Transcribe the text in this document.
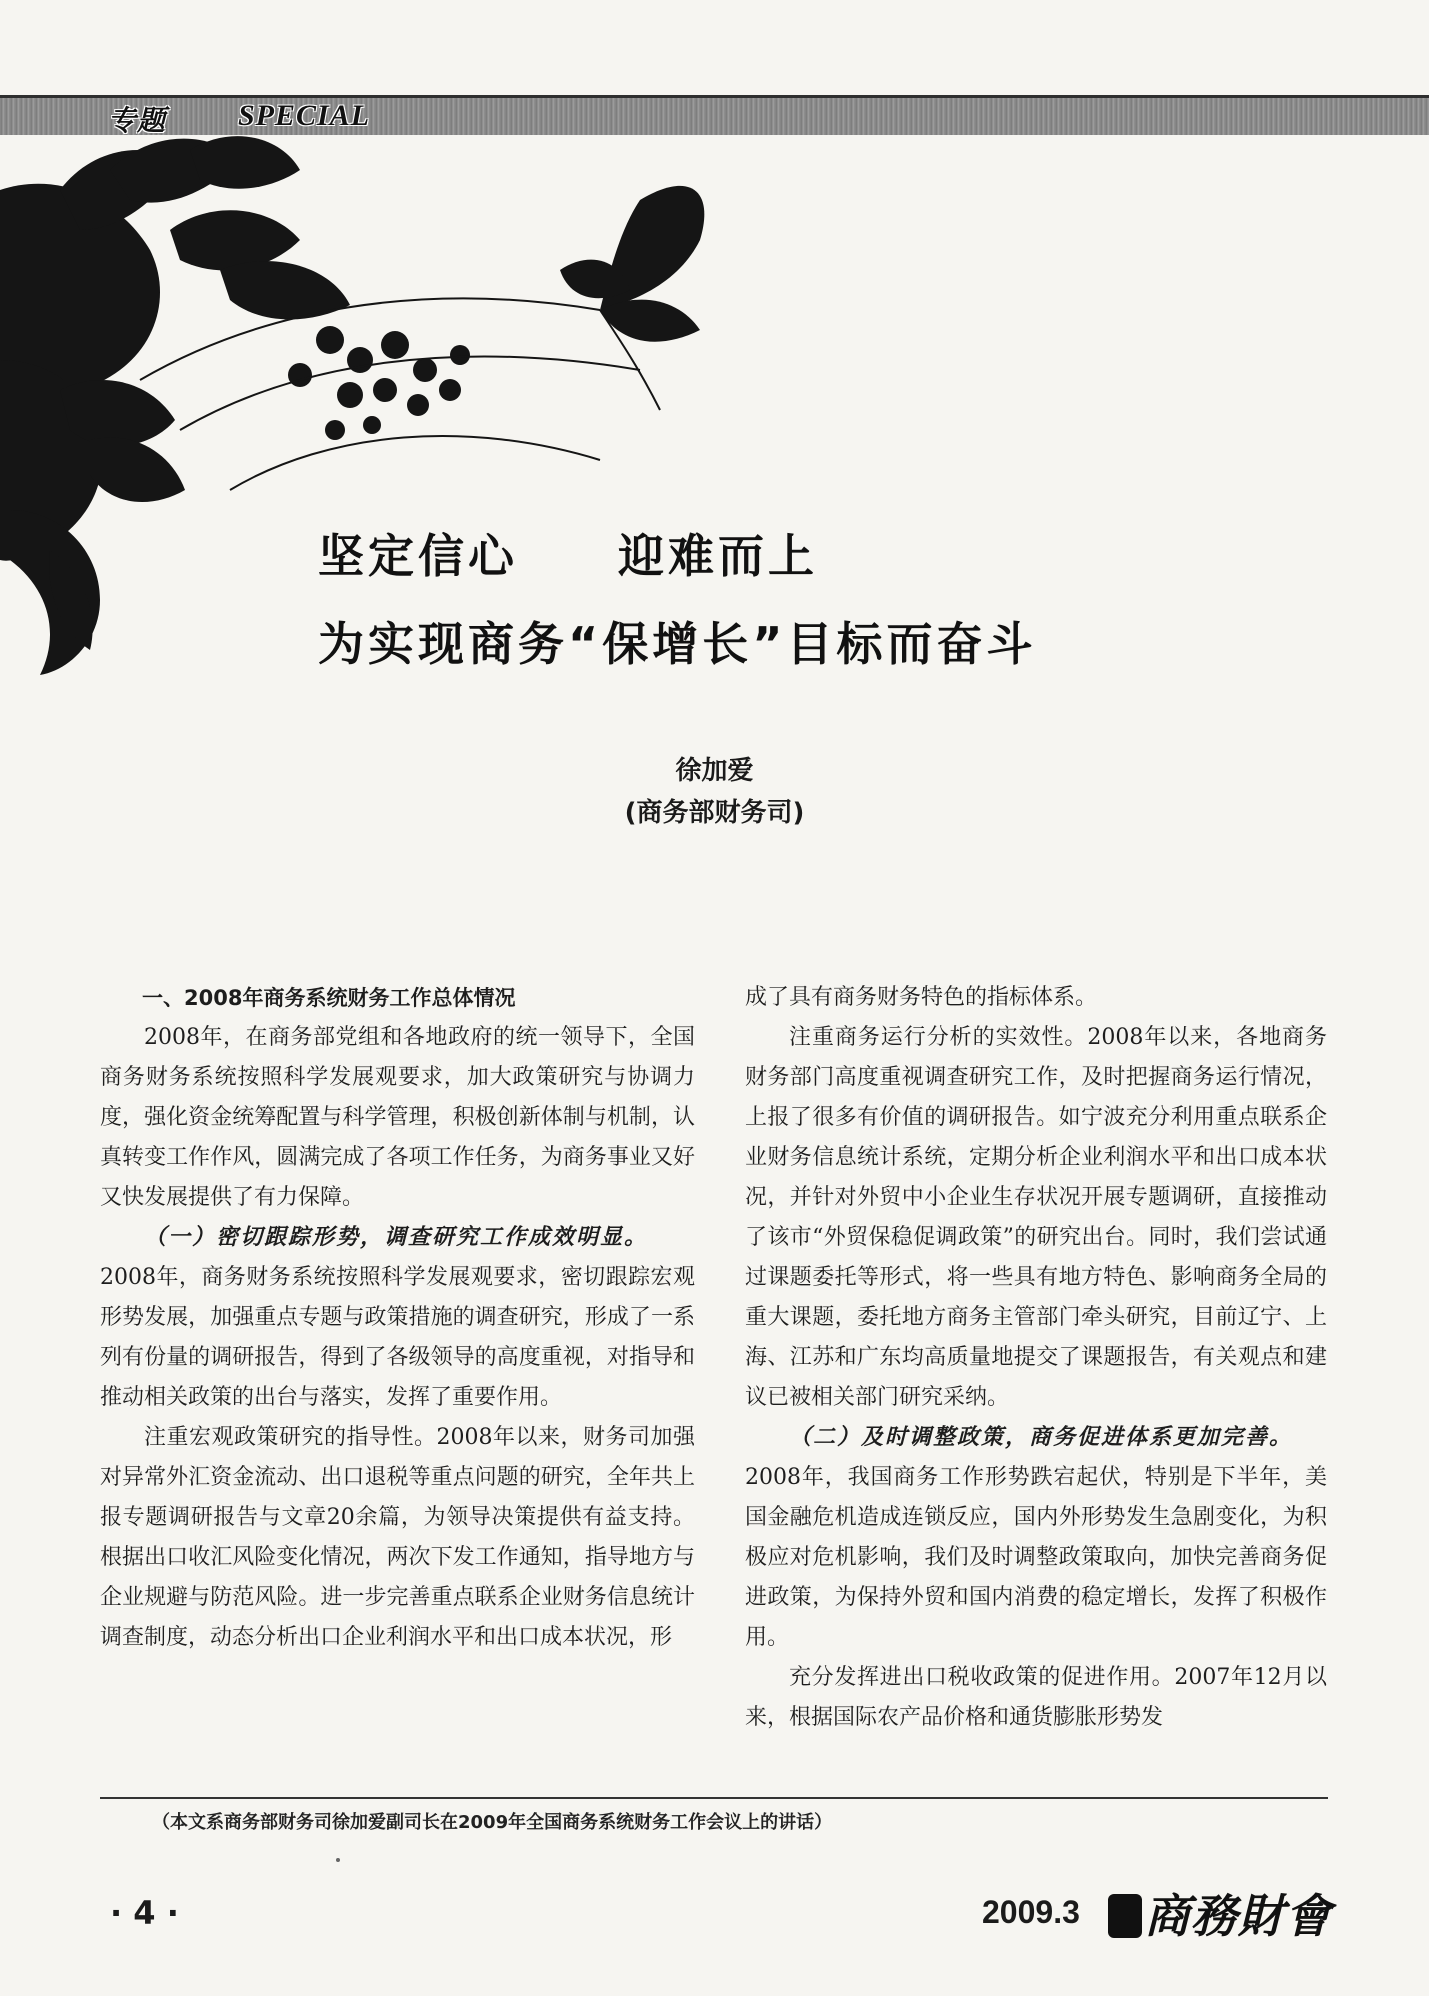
专题 SPECIAL
坚定信心 迎难而上
为实现商务“保增长”目标而奋斗
徐加爱
(商务部财务司)
一、2008年商务系统财务工作总体情况

2008年，在商务部党组和各地政府的统一领导下，全国商务财务系统按照科学发展观要求，加大政策研究与协调力度，强化资金统筹配置与科学管理，积极创新体制与机制，认真转变工作作风，圆满完成了各项工作任务，为商务事业又好又快发展提供了有力保障。

（一）密切跟踪形势，调查研究工作成效明显。

2008年，商务财务系统按照科学发展观要求，密切跟踪宏观形势发展，加强重点专题与政策措施的调查研究，形成了一系列有份量的调研报告，得到了各级领导的高度重视，对指导和推动相关政策的出台与落实，发挥了重要作用。

注重宏观政策研究的指导性。2008年以来，财务司加强对异常外汇资金流动、出口退税等重点问题的研究，全年共上报专题调研报告与文章20余篇，为领导决策提供有益支持。根据出口收汇风险变化情况，两次下发工作通知，指导地方与企业规避与防范风险。进一步完善重点联系企业财务信息统计调查制度，动态分析出口企业利润水平和出口成本状况，形

成了具有商务财务特色的指标体系。

注重商务运行分析的实效性。2008年以来，各地商务财务部门高度重视调查研究工作，及时把握商务运行情况，上报了很多有价值的调研报告。如宁波充分利用重点联系企业财务信息统计系统，定期分析企业利润水平和出口成本状况，并针对外贸中小企业生存状况开展专题调研，直接推动了该市“外贸保稳促调政策”的研究出台。同时，我们尝试通过课题委托等形式，将一些具有地方特色、影响商务全局的重大课题，委托地方商务主管部门牵头研究，目前辽宁、上海、江苏和广东均高质量地提交了课题报告，有关观点和建议已被相关部门研究采纳。

（二）及时调整政策，商务促进体系更加完善。

2008年，我国商务工作形势跌宕起伏，特别是下半年，美国金融危机造成连锁反应，国内外形势发生急剧变化，为积极应对危机影响，我们及时调整政策取向，加快完善商务促进政策，为保持外贸和国内消费的稳定增长，发挥了积极作用。

充分发挥进出口税收政策的促进作用。2007年12月以来，根据国际农产品价格和通货膨胀形势发

（本文系商务部财务司徐加爱副司长在2009年全国商务系统财务工作会议上的讲话）
· 4 ·	2009.3	商務財會
